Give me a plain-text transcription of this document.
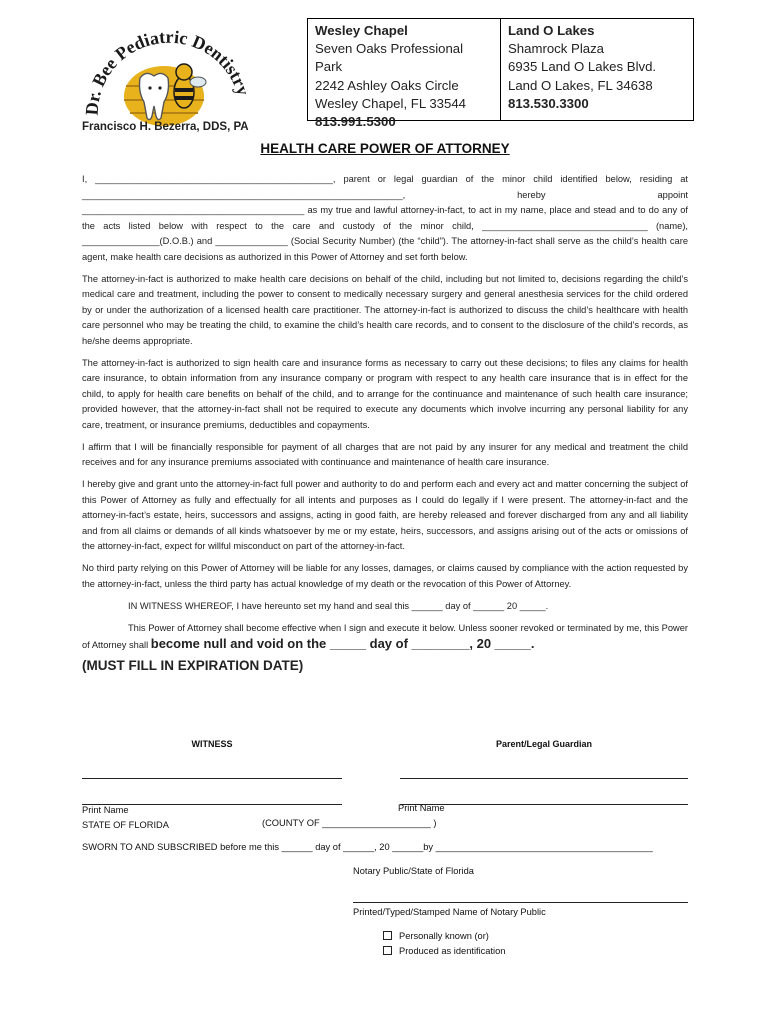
Dr. Bee Pediatric Dentistr
Francisco H. Bezerra, DDS, PA
Wesley Chapel
Seven Oaks Professional Park
2242 Ashley Oaks Circle
Wesley Chapel, FL 33544
813.991.5300
Land O Lakes
Shamrock Plaza
6935 Land O Lakes Blvd.
Land O Lakes, FL 34638
813.530.3300
HEALTH CARE POWER OF ATTORNEY

I, ______________________________________________, parent or legal guardian of the minor child identified below, residing at ______________________________________________________________, hereby appoint ___________________________________________ as my true and lawful attorney-in-fact, to act in my name, place and stead and to do any of the acts listed below with respect to the care and custody of the minor child, ________________________________ (name), _______________(D.O.B.) and ______________ (Social Security Number) (the “child”). The attorney-in-fact shall serve as the child’s health care agent, make health care decisions as authorized in this Power of Attorney and set forth below.

The attorney-in-fact is authorized to make health care decisions on behalf of the child, including but not limited to, decisions regarding the child’s medical care and treatment, including the power to consent to medically necessary surgery and general anesthesia services for the child ordered by or under the authorization of a licensed health care practitioner. The attorney-in-fact is authorized to discuss the child’s healthcare with health care personnel who may be treating the child, to examine the child’s health care records, and to consent to the disclosure of the child’s records, as he/she deems appropriate.

The attorney-in-fact is authorized to sign health care and insurance forms as necessary to carry out these decisions; to files any claims for health care insurance, to obtain information from any insurance company or program with respect to any health care insurance that is in effect for the child, to apply for health care benefits on behalf of the child, and to arrange for the continuance and maintenance of such health care insurance; provided however, that the attorney-in-fact shall not be required to execute any documents which involve incurring any personal liability for any care, treatment, or insurance premiums, deductibles and copayments.

I affirm that I will be financially responsible for payment of all charges that are not paid by any insurer for any medical and treatment the child receives and for any insurance premiums associated with continuance and maintenance of health care insurance.

I hereby give and grant unto the attorney-in-fact full power and authority to do and perform each and every act and matter concerning the subject of this Power of Attorney as fully and effectually for all intents and purposes as I could do legally if I were present. The attorney-in-fact and the attorney-in-fact’s estate, heirs, successors and assigns, acting in good faith, are hereby released and forever discharged from any and all liability and from all claims or demands of all kinds whatsoever by me or my estate, heirs, successors, and assigns arising out of the acts or omissions of the attorney-in-fact, expect for willful misconduct on part of the attorney-in-fact.

No third party relying on this Power of Attorney will be liable for any losses, damages, or claims caused by compliance with the action requested by the attorney-in-fact, unless the third party has actual knowledge of my death or the revocation of this Power of Attorney.

IN WITNESS WHEREOF, I have hereunto set my hand and seal this ______ day of ______ 20 _____.

This Power of Attorney shall become effective when I sign and execute it below. Unless sooner revoked or terminated by me, this Power of Attorney shall become null and void on the _____ day of ________, 20 _____.

(MUST FILL IN EXPIRATION DATE)
WITNESS	Parent/Legal Guardian
Print Name
STATE OF FLORIDA
Print Name
(COUNTY OF _____________________ )
SWORN TO AND SUBSCRIBED before me this ______ day of ______, 20 ______by __________________________________________
Notary Public/State of Florida
Printed/Typed/Stamped Name of Notary Public
Personally known (or)
Produced as identification
